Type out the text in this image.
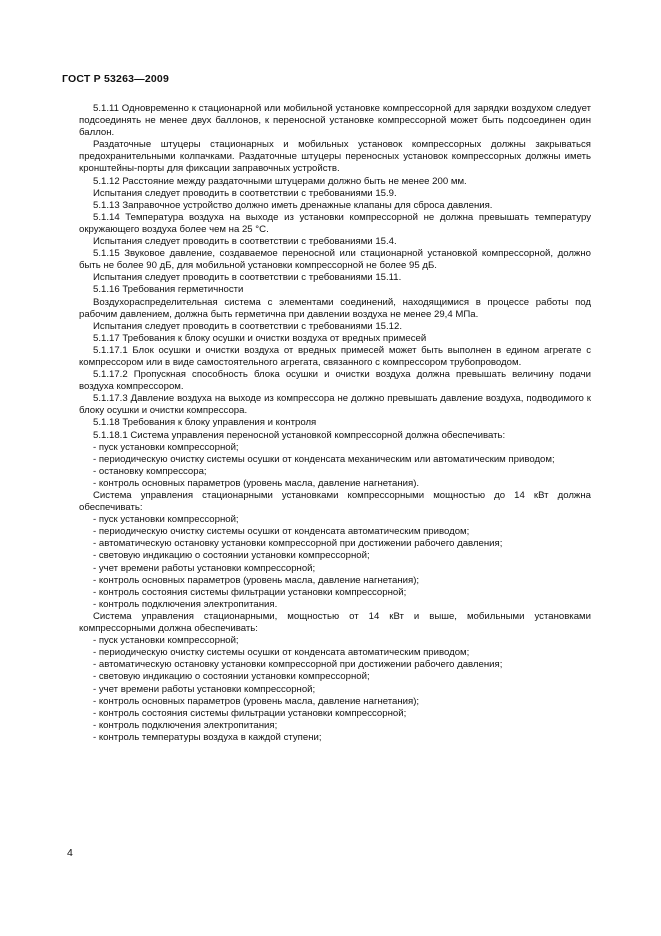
ГОСТ Р 53263—2009

5.1.11 Одновременно к стационарной или мобильной установке компрессорной для зарядки воздухом следует подсоединять не менее двух баллонов, к переносной установке компрессорной может быть подсоединен один баллон.

Раздаточные штуцеры стационарных и мобильных установок компрессорных должны закрываться предохранительными колпачками. Раздаточные штуцеры переносных установок компрессорных должны иметь кронштейны-порты для фиксации заправочных устройств.

5.1.12 Расстояние между раздаточными штуцерами должно быть не менее 200 мм.

Испытания следует проводить в соответствии с требованиями 15.9.

5.1.13 Заправочное устройство должно иметь дренажные клапаны для сброса давления.

5.1.14 Температура воздуха на выходе из установки компрессорной не должна превышать температуру окружающего воздуха более чем на 25 °С.

Испытания следует проводить в соответствии с требованиями 15.4.

5.1.15 Звуковое давление, создаваемое переносной или стационарной установкой компрессорной, должно быть не более 90 дБ, для мобильной установки компрессорной не более 95 дБ.

Испытания следует проводить в соответствии с требованиями 15.11.

5.1.16 Требования герметичности

Воздухораспределительная система с элементами соединений, находящимися в процессе работы под рабочим давлением, должна быть герметична при давлении воздуха не менее 29,4 МПа.

Испытания следует проводить в соответствии с требованиями 15.12.

5.1.17 Требования к блоку осушки и очистки воздуха от вредных примесей

5.1.17.1 Блок осушки и очистки воздуха от вредных примесей может быть выполнен в едином агрегате с компрессором или в виде самостоятельного агрегата, связанного с компрессором трубопроводом.

5.1.17.2 Пропускная способность блока осушки и очистки воздуха должна превышать величину подачи воздуха компрессором.

5.1.17.3 Давление воздуха на выходе из компрессора не должно превышать давление воздуха, подводимого к блоку осушки и очистки компрессора.

5.1.18 Требования к блоку управления и контроля

5.1.18.1 Система управления переносной установкой компрессорной должна обеспечивать:

- пуск установки компрессорной;

- периодическую очистку системы осушки от конденсата механическим или автоматическим приводом;

- остановку компрессора;

- контроль основных параметров (уровень масла, давление нагнетания).

Система управления стационарными установками компрессорными мощностью до 14 кВт должна обеспечивать:

- пуск установки компрессорной;

- периодическую очистку системы осушки от конденсата автоматическим приводом;

- автоматическую остановку установки компрессорной при достижении рабочего давления;

- световую индикацию о состоянии установки компрессорной;

- учет времени работы установки компрессорной;

- контроль основных параметров (уровень масла, давление нагнетания);

- контроль состояния системы фильтрации установки компрессорной;

- контроль подключения электропитания.

Система управления стационарными, мощностью от 14 кВт и выше, мобильными установками компрессорными должна обеспечивать:

- пуск установки компрессорной;

- периодическую очистку системы осушки от конденсата автоматическим приводом;

- автоматическую остановку установки компрессорной при достижении рабочего давления;

- световую индикацию о состоянии установки компрессорной;

- учет времени работы установки компрессорной;

- контроль основных параметров (уровень масла, давление нагнетания);

- контроль состояния системы фильтрации установки компрессорной;

- контроль подключения электропитания;

- контроль температуры воздуха в каждой ступени;

4
